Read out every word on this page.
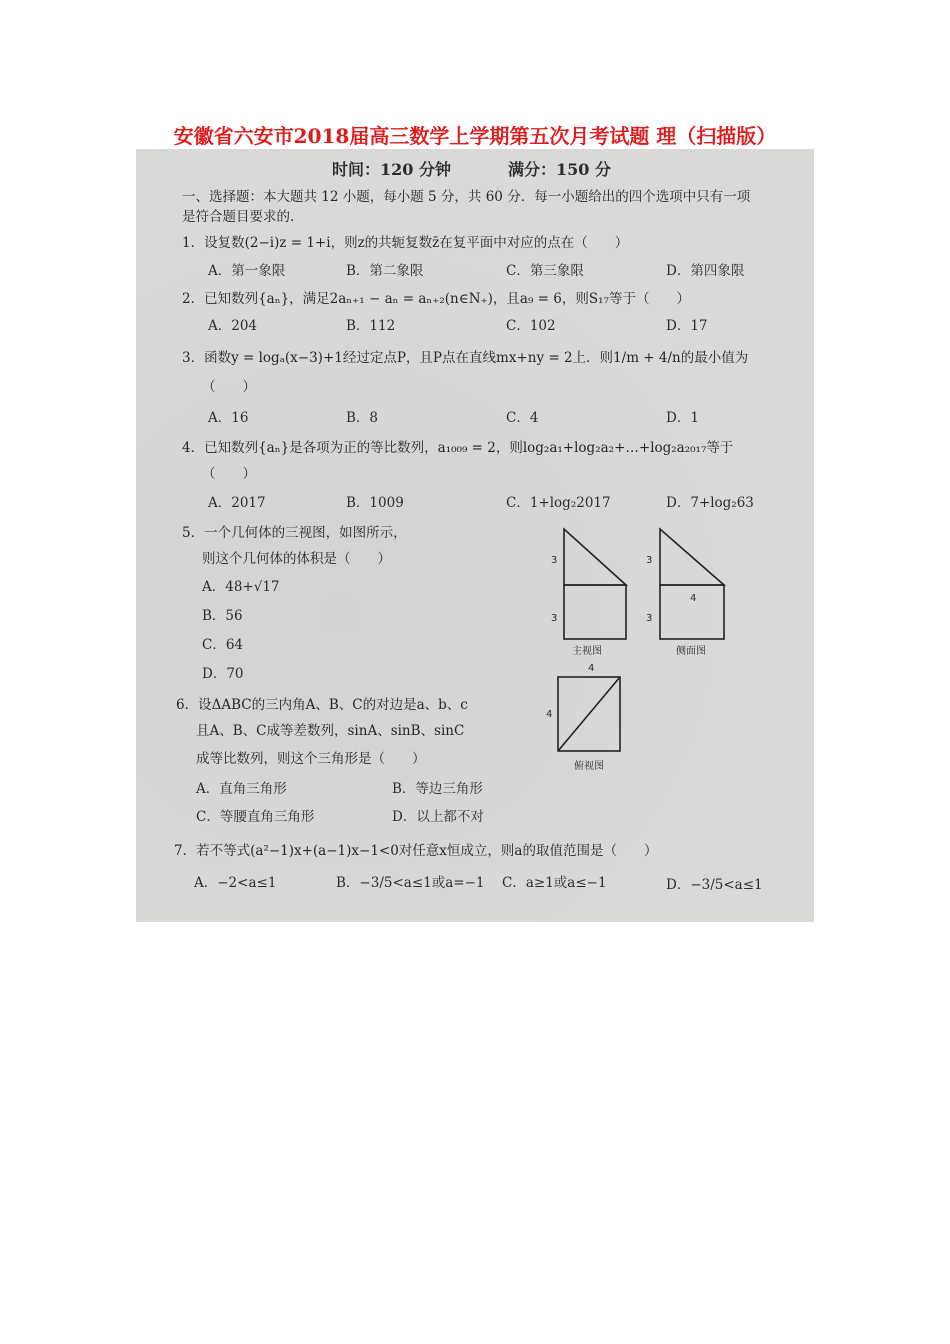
安徽省六安市2018届高三数学上学期第五次月考试题 理（扫描版）
时间：120 分钟	满分：150 分
一、选择题：本大题共 12 小题，每小题 5 分，共 60 分．每一小题给出的四个选项中只有一项
是符合题目要求的.
1．设复数(2−i)z = 1+i，则z的共轭复数z̄在复平面中对应的点在（　　）
A．第一象限	B．第二象限	C．第三象限	D．第四象限
2．已知数列{aₙ}，满足2aₙ₊₁ − aₙ = aₙ₊₂(n∈N₊)，且a₉ = 6，则S₁₇等于（　　）
A．204	B．112	C．102	D．17
3．函数y = logₐ(x−3)+1经过定点P，且P点在直线mx+ny = 2上．则1/m + 4/n的最小值为
（　　）
A．16	B．8	C．4	D．1
4．已知数列{aₙ}是各项为正的等比数列，a₁₀₀₉ = 2，则log₂a₁+log₂a₂+…+log₂a₂₀₁₇等于
（　　）
A．2017	B．1009	C．1+log₂2017	D．7+log₂63
5．一个几何体的三视图，如图所示，
则这个几何体的体积是（　　）
A．48+√17
B．56
C．64
D．70
3
3
主视图
3
3
4
侧面图
4
4
俯视图
6．设ΔABC的三内角A、B、C的对边是a、b、c
且A、B、C成等差数列，sinA、sinB、sinC
成等比数列，则这个三角形是（　　）
A．直角三角形	B．等边三角形
C．等腰直角三角形	D．以上都不对
7．若不等式(a²−1)x+(a−1)x−1<0对任意x恒成立，则a的取值范围是（　　）
A．−2<a≤1	B．−3/5<a≤1或a=−1 C．a≥1或a≤−1	D．−3/5<a≤1
